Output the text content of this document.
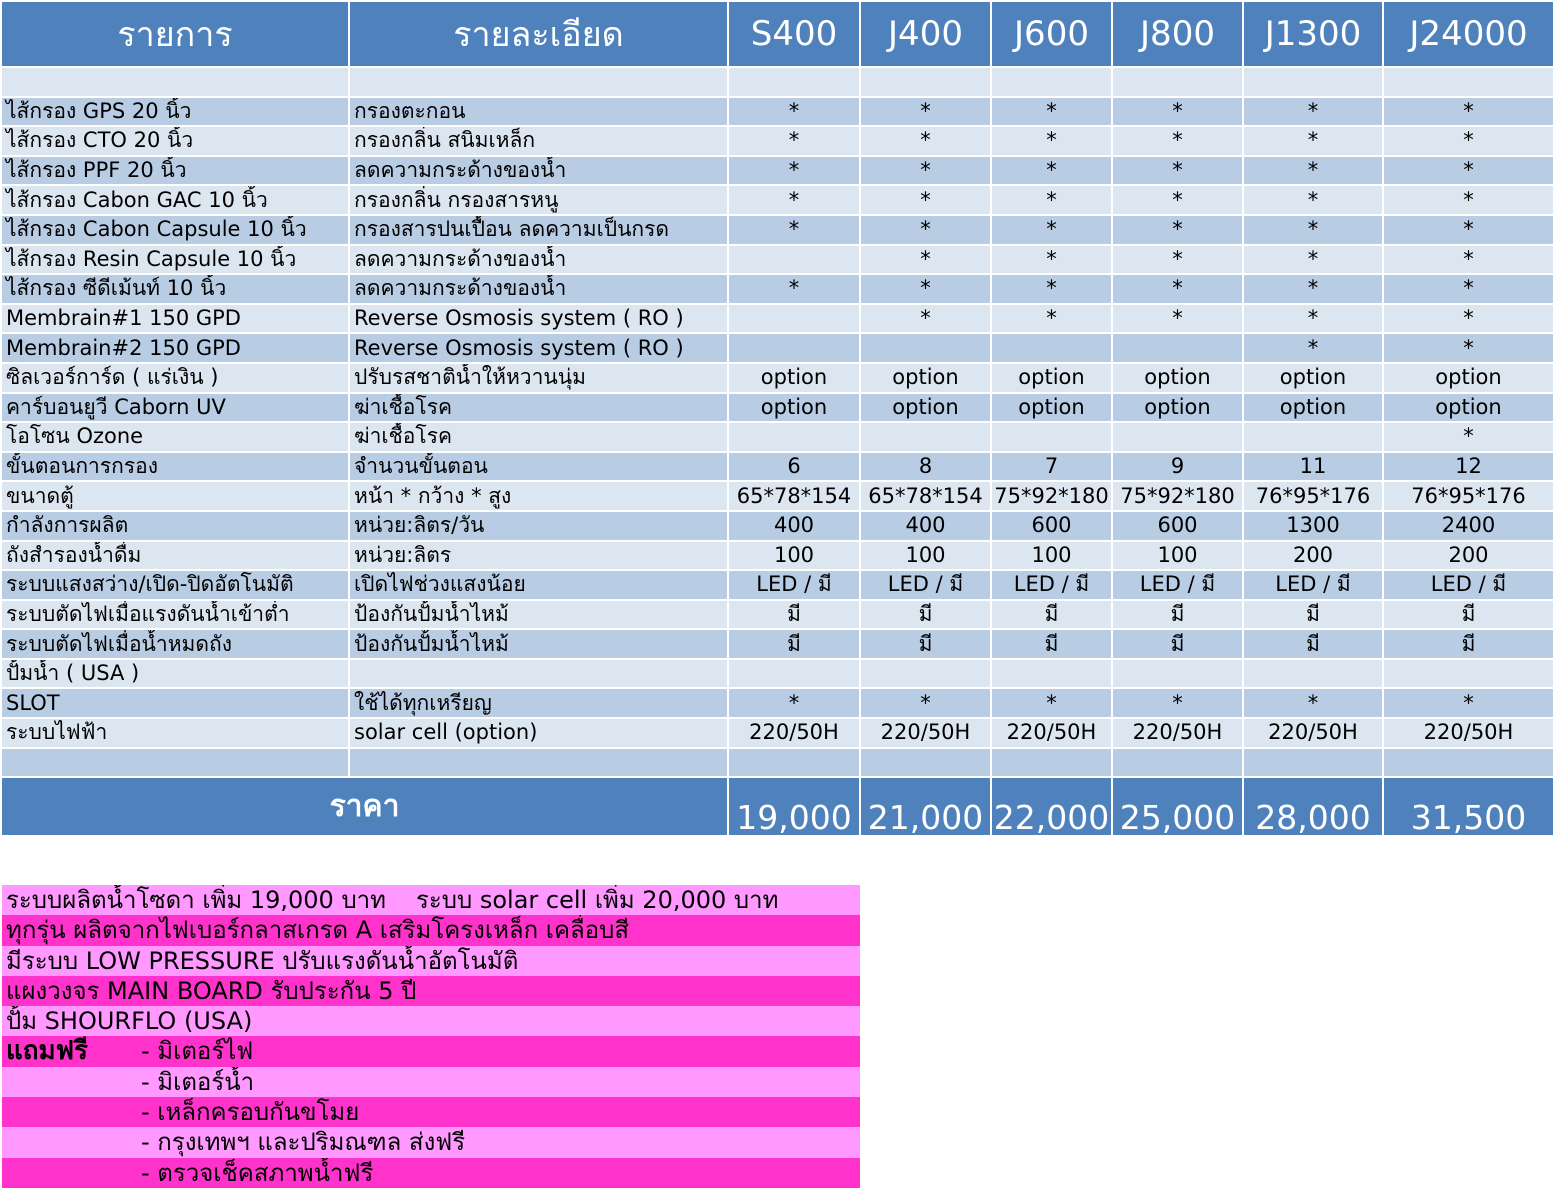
รายการ	รายละเอียด	S400	J400	J600	J800	J1300	J24000

ไส้กรอง GPS 20 นิ้ว	กรองตะกอน	*	*	*	*	*	*
ไส้กรอง CTO 20 นิ้ว	กรองกลิ่น สนิมเหล็ก	*	*	*	*	*	*
ไส้กรอง PPF 20 นิ้ว	ลดความกระด้างของน้ำ	*	*	*	*	*	*
ไส้กรอง Cabon GAC 10 นิ้ว	กรองกลิ่น กรองสารหนู	*	*	*	*	*	*
ไส้กรอง Cabon Capsule 10 นิ้ว	กรองสารปนเปื้อน ลดความเป็นกรด	*	*	*	*	*	*
ไส้กรอง Resin Capsule 10 นิ้ว	ลดความกระด้างของน้ำ		*	*	*	*	*
ไส้กรอง ซีดีเม้นท์ 10 นิ้ว	ลดความกระด้างของน้ำ	*	*	*	*	*	*
Membrain#1 150 GPD	Reverse Osmosis system ( RO )		*	*	*	*	*
Membrain#2 150 GPD	Reverse Osmosis system ( RO )					*	*
ซิลเวอร์การ์ด ( แร่เงิน )	ปรับรสชาติน้ำให้หวานนุ่ม	option	option	option	option	option	option
คาร์บอนยูวี Caborn UV	ฆ่าเชื้อโรค	option	option	option	option	option	option
โอโซน Ozone	ฆ่าเชื้อโรค						*
ขั้นตอนการกรอง	จำนวนขั้นตอน	6	8	7	9	11	12
ขนาดตู้	หน้า * กว้าง * สูง	65*78*154	65*78*154	75*92*180	75*92*180	76*95*176	76*95*176
กำลังการผลิต	หน่วย:ลิตร/วัน	400	400	600	600	1300	2400
ถังสำรองน้ำดื่ม	หน่วย:ลิตร	100	100	100	100	200	200
ระบบแสงสว่าง/เปิด-ปิดอัตโนมัติ	เปิดไฟช่วงแสงน้อย	LED / มี	LED / มี	LED / มี	LED / มี	LED / มี	LED / มี
ระบบตัดไฟเมื่อแรงดันน้ำเข้าต่ำ	ป้องกันปั้มน้ำไหม้	มี	มี	มี	มี	มี	มี
ระบบตัดไฟเมื่อน้ำหมดถัง	ป้องกันปั้มน้ำไหม้	มี	มี	มี	มี	มี	มี
ปั้มน้ำ ( USA )							
SLOT	ใช้ได้ทุกเหรียญ	*	*	*	*	*	*
ระบบไฟฟ้า	solar cell (option)	220/50H	220/50H	220/50H	220/50H	220/50H	220/50H

ราคา		19,000	21,000	22,000	25,000	28,000	31,500
ระบบผลิตน้ำโซดา เพิ่ม 19,000 บาท ระบบ solar cell เพิ่ม 20,000 บาท
ทุกรุ่น ผลิตจากไฟเบอร์กลาสเกรด A เสริมโครงเหล็ก เคลื่อบสี
มีระบบ LOW PRESSURE ปรับแรงดันน้ำอัตโนมัติ
แผงวงจร MAIN BOARD รับประกัน 5 ปี
ปั้ม SHOURFLO (USA)
แถมฟรี - มิเตอร์ไฟ
- มิเตอร์น้ำ
- เหล็กครอบกันขโมย
- กรุงเทพฯ และปริมณฑล ส่งฟรี
- ตรวจเช็คสภาพน้ำฟรี
